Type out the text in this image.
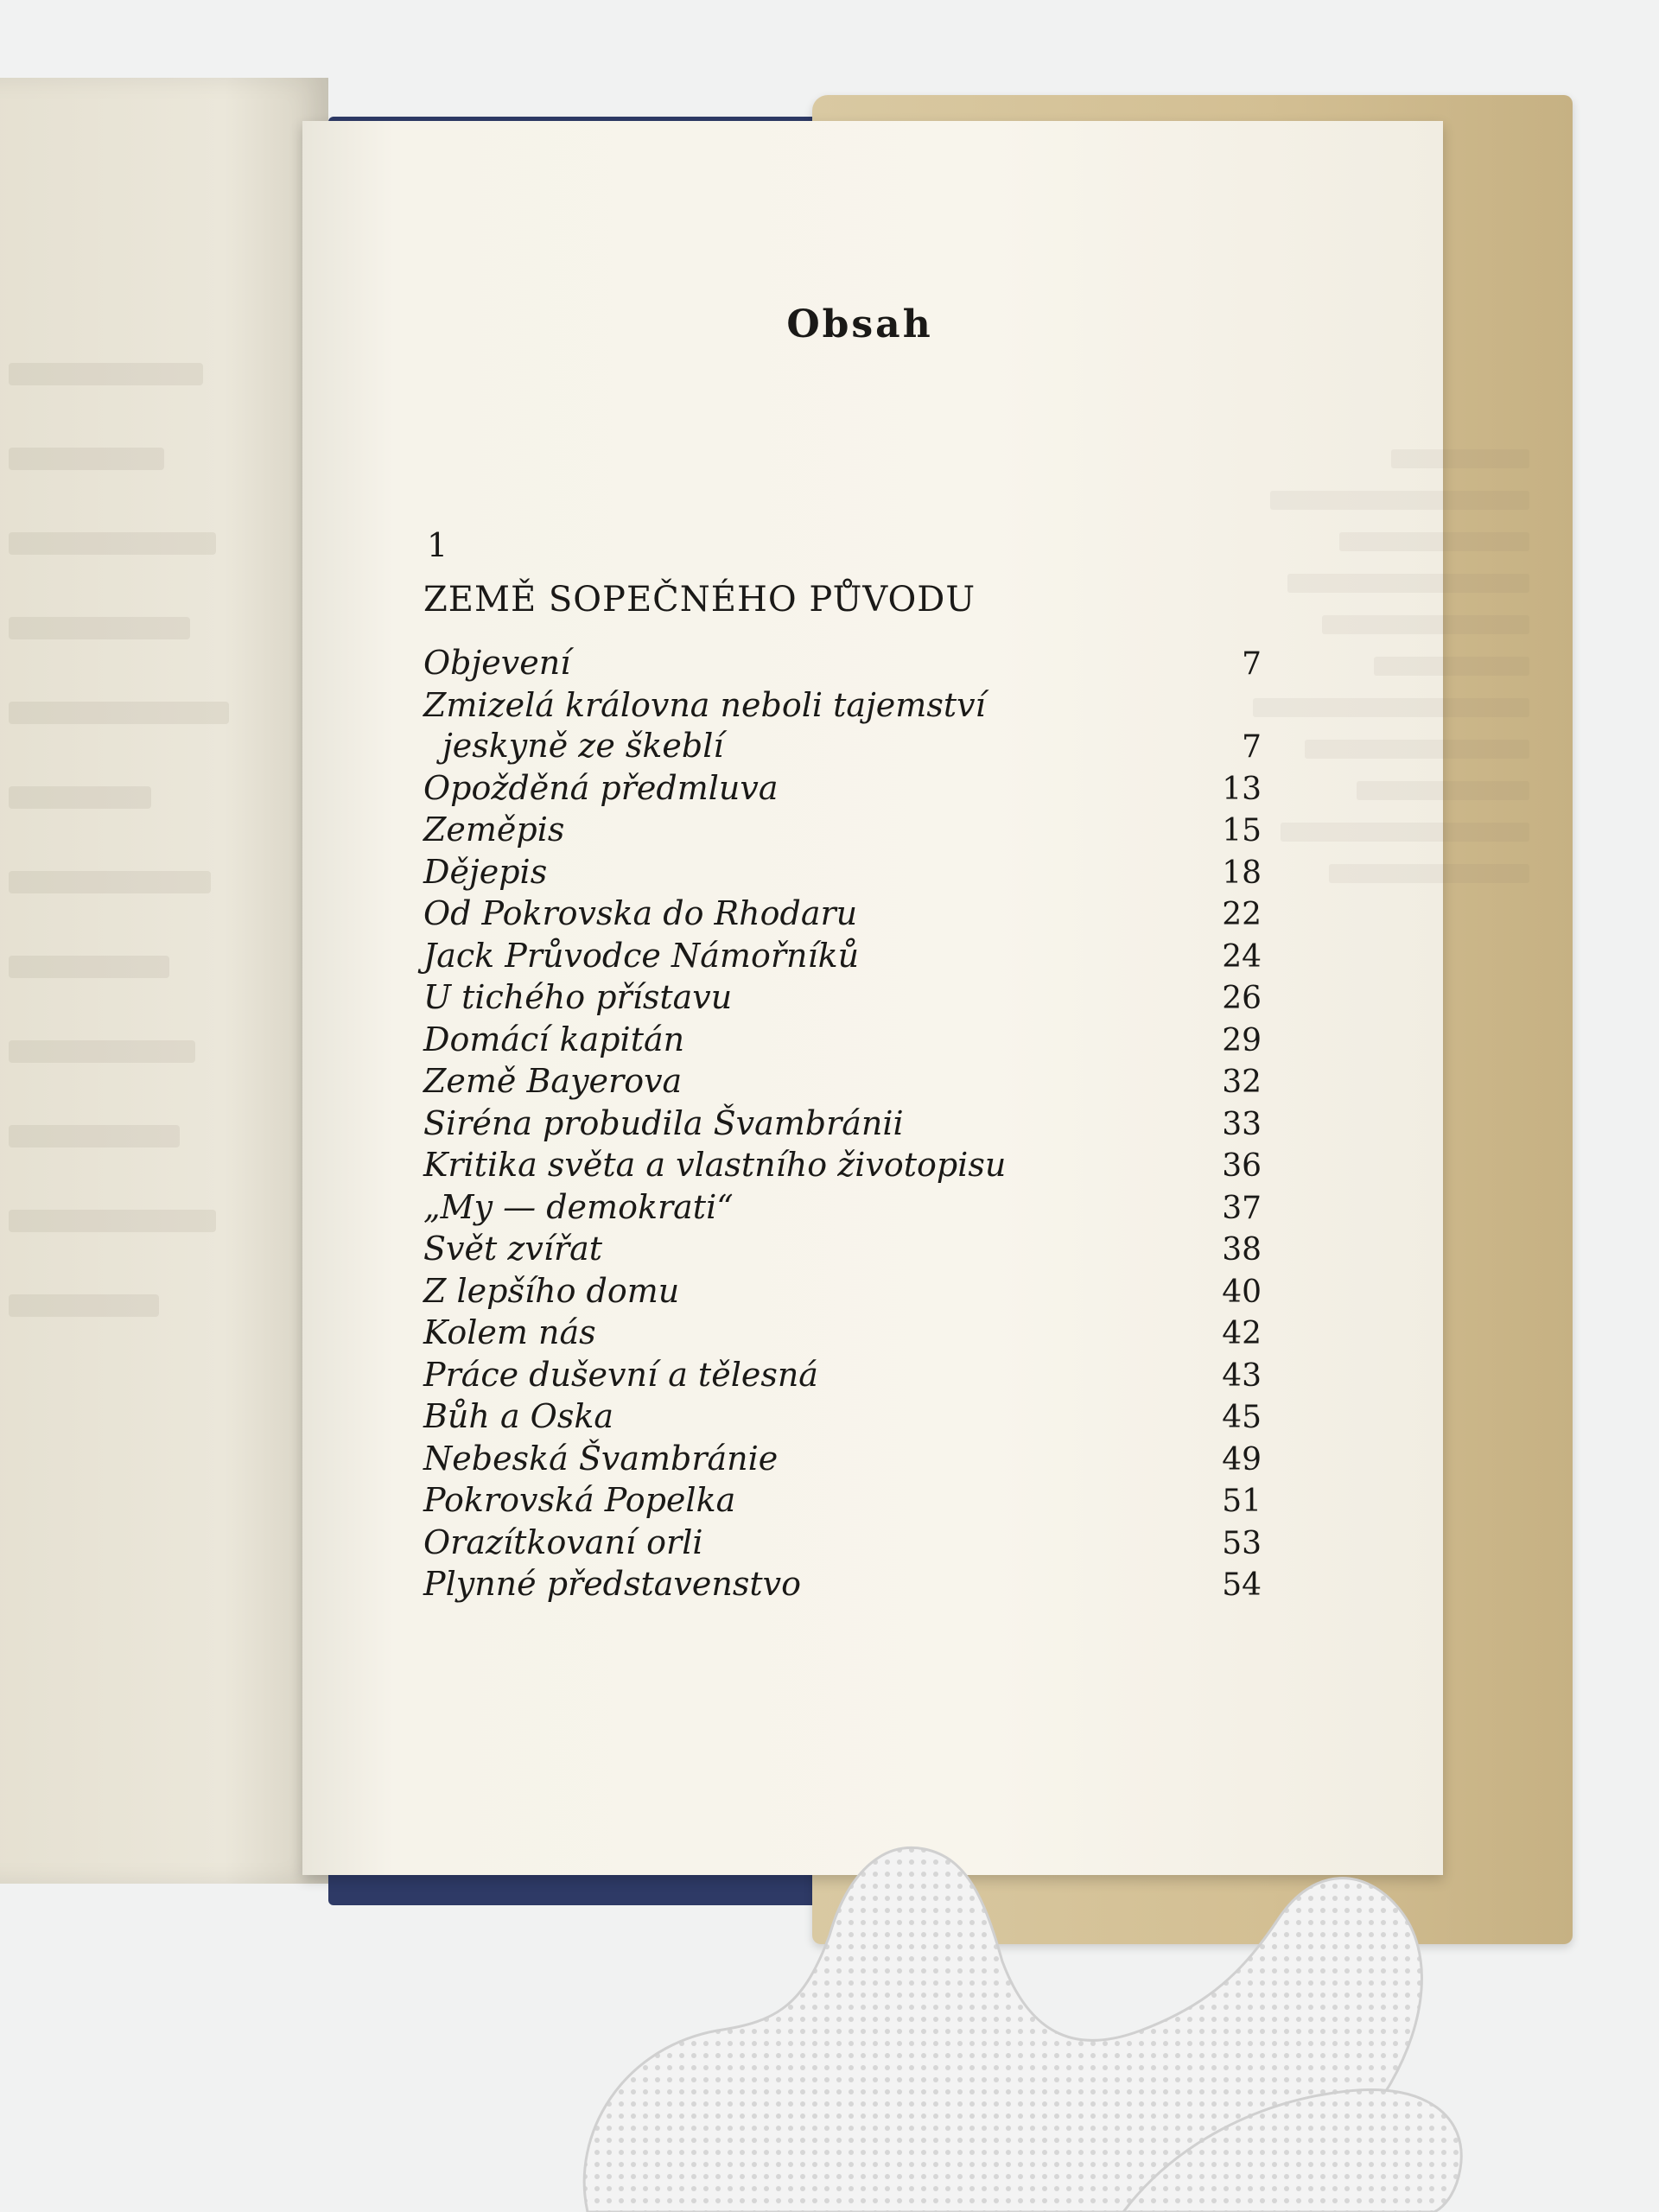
Obsah
1
ZEMĚ SOPEČNÉHO PŮVODU
Objevení	7
Zmizelá královna neboli tajemství
jeskyně ze škeblí	7
Opožděná předmluva	13
Zeměpis	15
Dějepis	18
Od Pokrovska do Rhodaru	22
Jack Průvodce Námořníků	24
U tichého přístavu	26
Domácí kapitán	29
Země Bayerova	32
Siréna probudila Švambránii	33
Kritika světa a vlastního životopisu	36
„My — demokrati“	37
Svět zvířat	38
Z lepšího domu	40
Kolem nás	42
Práce duševní a tělesná	43
Bůh a Oska	45
Nebeská Švambránie	49
Pokrovská Popelka	51
Orazítkovaní orli	53
Plynné představenstvo	54
